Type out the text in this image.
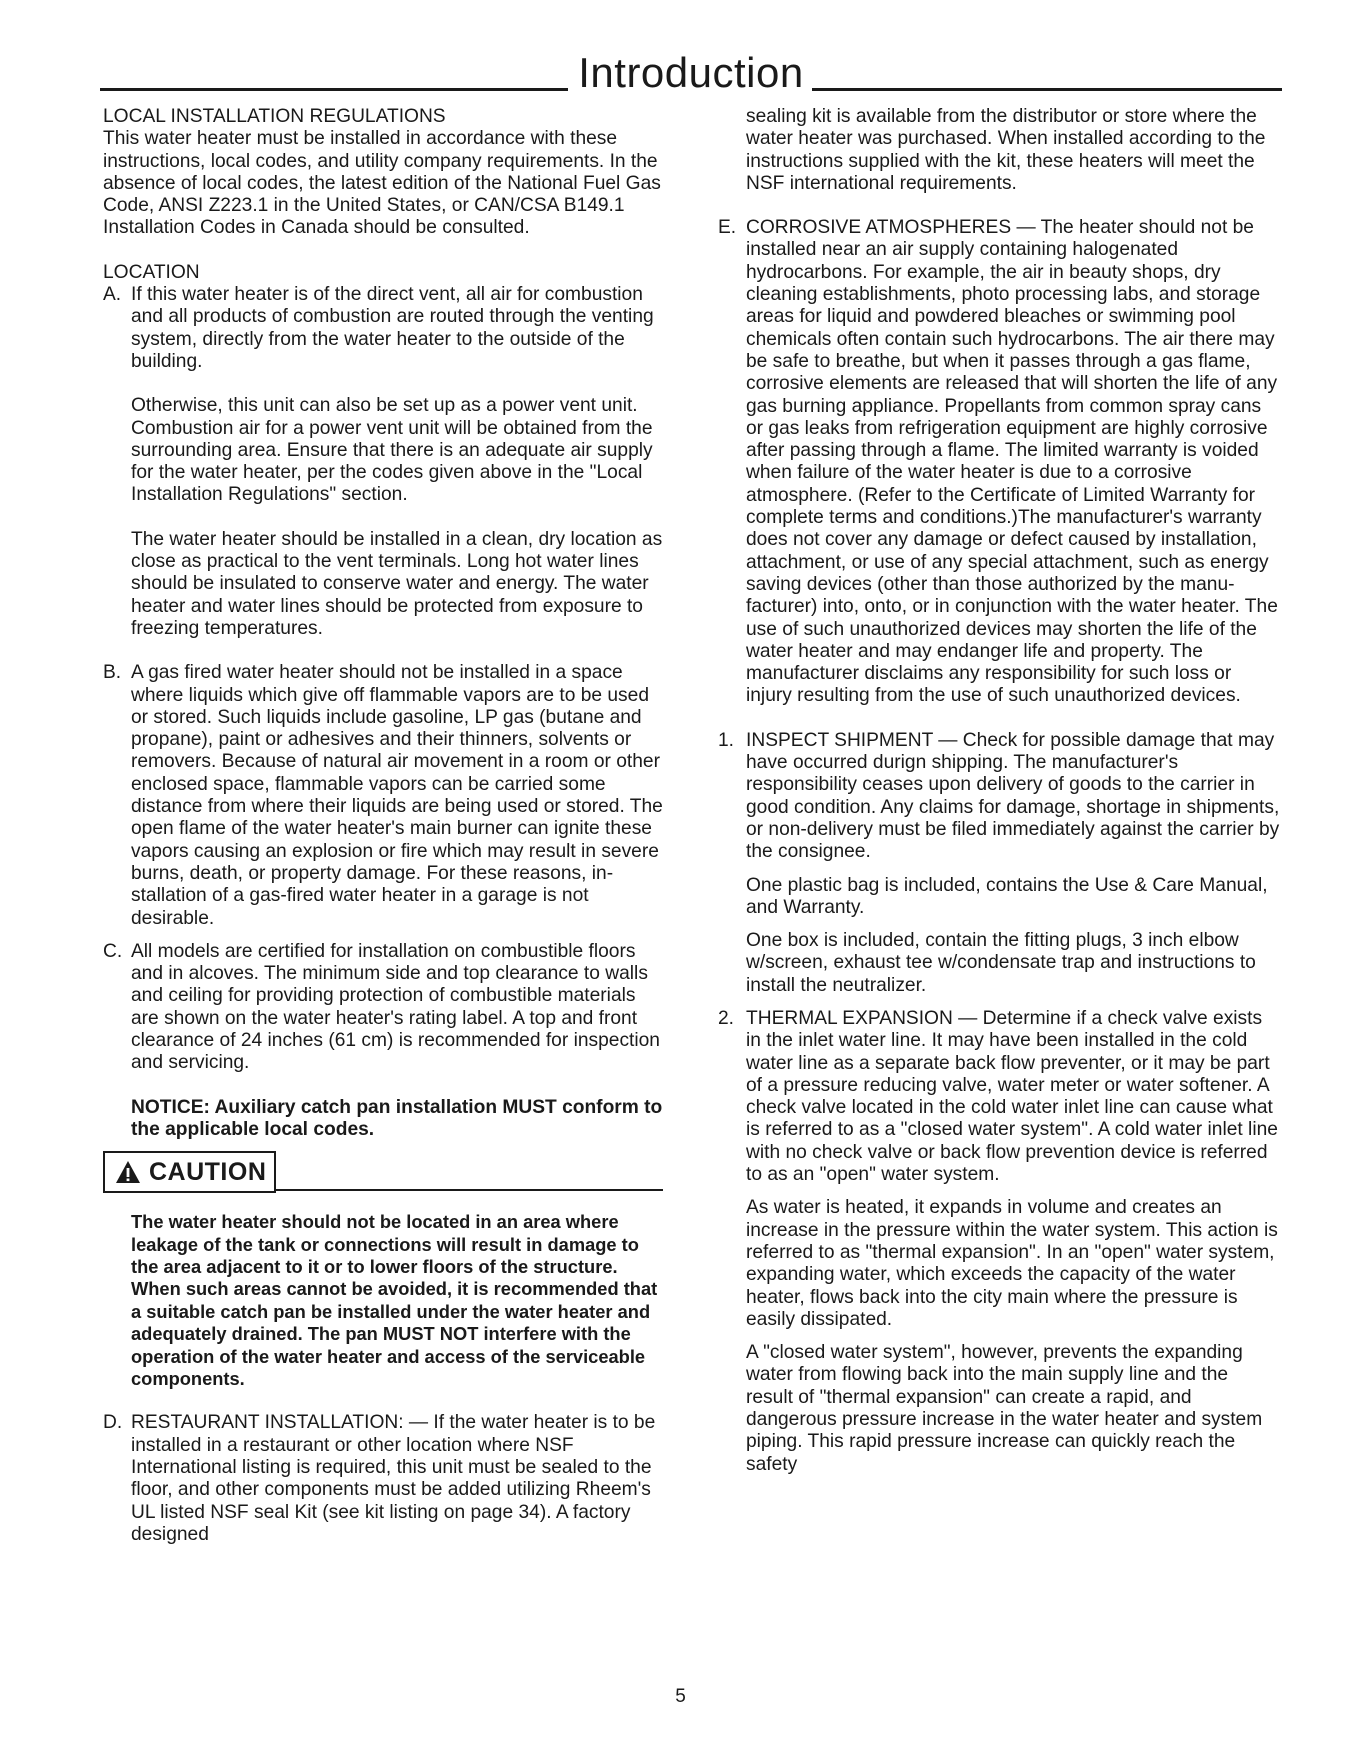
Introduction

LOCAL INSTALLATION REGULATIONS

This water heater must be installed in accordance with these instructions, local codes, and utility company requirements. In the absence of local codes, the latest edition of the National Fuel Gas Code, ANSI Z223.1 in the United States, or CAN/CSA B149.1 Installation Codes in Canada should be consulted.

LOCATION

A. If this water heater is of the direct vent, all air for combustion and all products of combustion are routed through the venting system, directly from the water heater to the outside of the building.

Otherwise, this unit can also be set up as a power vent unit. Combustion air for a power vent unit will be obtained from the surrounding area. Ensure that there is an adequate air supply for the water heater, per the codes given above in the "Local Installation Regulations" section.

The water heater should be installed in a clean, dry location as close as practical to the vent terminals. Long hot water lines should be insulated to conserve water and energy. The water heater and water lines should be protected from exposure to freezing temperatures.

B. A gas fired water heater should not be installed in a space where liquids which give off flammable vapors are to be used or stored. Such liquids include gasoline, LP gas (butane and propane), paint or adhesives and their thinners, solvents or removers. Because of natural air movement in a room or other enclosed space, flammable vapors can be carried some distance from where their liquids are being used or stored. The open flame of the water heater's main burner can ignite these vapors causing an explosion or fire which may result in severe burns, death, or property damage. For these reasons, installation of a gas-fired water heater in a garage is not desirable.

C. All models are certified for installation on combustible floors and in alcoves. The minimum side and top clearance to walls and ceiling for providing protection of combustible materials are shown on the water heater's rating label. A top and front clearance of 24 inches (61 cm) is recommended for inspection and servicing.

NOTICE: Auxiliary catch pan installation MUST conform to the applicable local codes.

CAUTION

The water heater should not be located in an area where leakage of the tank or connections will result in damage to the area adjacent to it or to lower floors of the structure. When such areas cannot be avoided, it is recommended that a suitable catch pan be installed under the water heater and adequately drained. The pan MUST NOT interfere with the operation of the water heater and access of the serviceable components.

D. RESTAURANT INSTALLATION: — If the water heater is to be installed in a restaurant or other location where NSF International listing is required, this unit must be sealed to the floor, and other components must be added utilizing Rheem's UL listed NSF seal Kit (see kit listing on page 34). A factory designed

sealing kit is available from the distributor or store where the water heater was purchased. When installed according to the instructions supplied with the kit, these heaters will meet the NSF international requirements.

E. CORROSIVE ATMOSPHERES — The heater should not be installed near an air supply containing halogenated hydrocarbons. For example, the air in beauty shops, dry cleaning establishments, photo processing labs, and storage areas for liquid and powdered bleaches or swimming pool chemicals often contain such hydrocarbons. The air there may be safe to breathe, but when it passes through a gas flame, corrosive elements are released that will shorten the life of any gas burning appliance. Propellants from common spray cans or gas leaks from refrigeration equipment are highly corrosive after passing through a flame. The limited warranty is voided when failure of the water heater is due to a corrosive atmosphere. (Refer to the Certificate of Limited Warranty for complete terms and conditions.)The manufacturer's warranty does not cover any damage or defect caused by installation, attachment, or use of any special attachment, such as energy saving devices (other than those authorized by the manufacturer) into, onto, or in conjunction with the water heater. The use of such unauthorized devices may shorten the life of the water heater and may endanger life and property. The manufacturer disclaims any responsibility for such loss or injury resulting from the use of such unauthorized devices.

1. INSPECT SHIPMENT — Check for possible damage that may have occurred durign shipping. The manufacturer's responsibility ceases upon delivery of goods to the carrier in good condition. Any claims for damage, shortage in shipments, or non-delivery must be filed immediately against the carrier by the consignee.

One plastic bag is included, contains the Use & Care Manual, and Warranty.

One box is included, contain the fitting plugs, 3 inch elbow w/screen, exhaust tee w/condensate trap and instructions to install the neutralizer.

2. THERMAL EXPANSION — Determine if a check valve exists in the inlet water line. It may have been installed in the cold water line as a separate back flow preventer, or it may be part of a pressure reducing valve, water meter or water softener. A check valve located in the cold water inlet line can cause what is referred to as a "closed water system". A cold water inlet line with no check valve or back flow prevention device is referred to as an "open" water system.

As water is heated, it expands in volume and creates an increase in the pressure within the water system. This action is referred to as "thermal expansion". In an "open" water system, expanding water, which exceeds the capacity of the water heater, flows back into the city main where the pressure is easily dissipated.

A "closed water system", however, prevents the expanding water from flowing back into the main supply line and the result of "thermal expansion" can create a rapid, and dangerous pressure increase in the water heater and system piping. This rapid pressure increase can quickly reach the safety

5
